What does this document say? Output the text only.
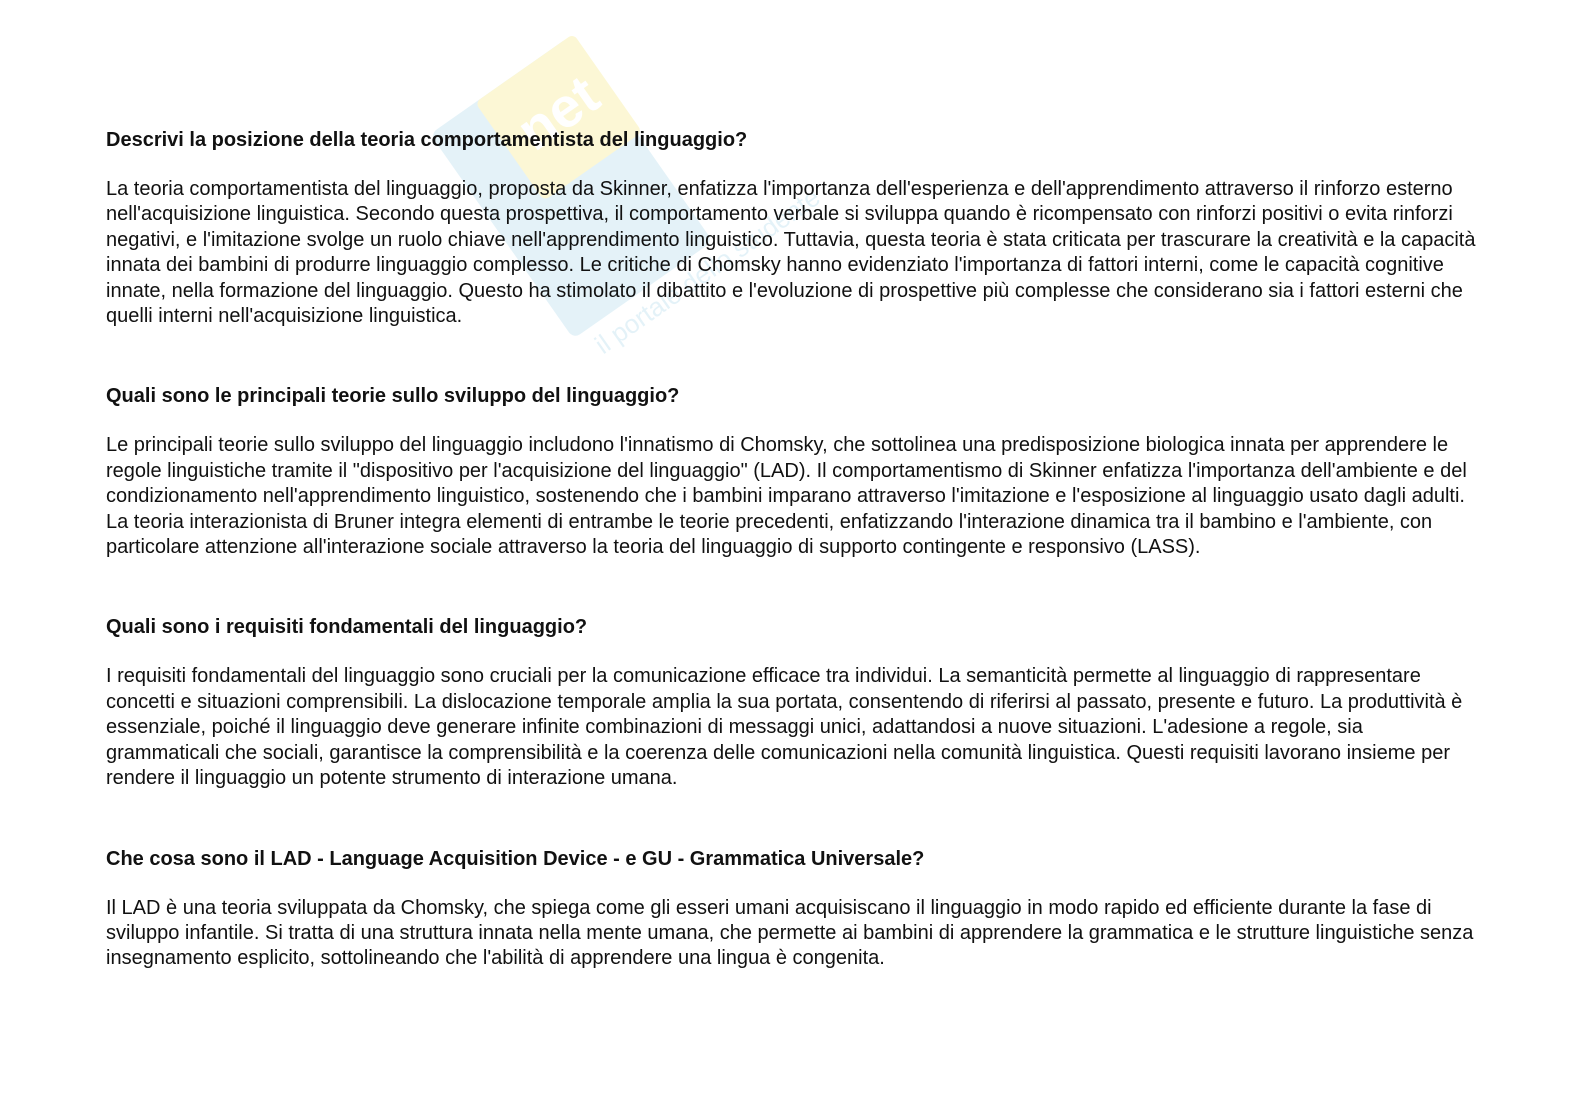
net
il portale dello studente
Descrivi la posizione della teoria comportamentista del linguaggio?

La teoria comportamentista del linguaggio, proposta da Skinner, enfatizza l'importanza dell'esperienza e dell'apprendimento attraverso il rinforzo esterno nell'acquisizione linguistica. Secondo questa prospettiva, il comportamento verbale si sviluppa quando è ricompensato con rinforzi positivi o evita rinforzi negativi, e l'imitazione svolge un ruolo chiave nell'apprendimento linguistico. Tuttavia, questa teoria è stata criticata per trascurare la creatività e la capacità innata dei bambini di produrre linguaggio complesso. Le critiche di Chomsky hanno evidenziato l'importanza di fattori interni, come le capacità cognitive innate, nella formazione del linguaggio. Questo ha stimolato il dibattito e l'evoluzione di prospettive più complesse che considerano sia i fattori esterni che quelli interni nell'acquisizione linguistica.

Quali sono le principali teorie sullo sviluppo del linguaggio?

Le principali teorie sullo sviluppo del linguaggio includono l'innatismo di Chomsky, che sottolinea una predisposizione biologica innata per apprendere le regole linguistiche tramite il "dispositivo per l'acquisizione del linguaggio" (LAD). Il comportamentismo di Skinner enfatizza l'importanza dell'ambiente e del condizionamento nell'apprendimento linguistico, sostenendo che i bambini imparano attraverso l'imitazione e l'esposizione al linguaggio usato dagli adulti. La teoria interazionista di Bruner integra elementi di entrambe le teorie precedenti, enfatizzando l'interazione dinamica tra il bambino e l'ambiente, con particolare attenzione all'interazione sociale attraverso la teoria del linguaggio di supporto contingente e responsivo (LASS).

Quali sono i requisiti fondamentali del linguaggio?

I requisiti fondamentali del linguaggio sono cruciali per la comunicazione efficace tra individui. La semanticità permette al linguaggio di rappresentare concetti e situazioni comprensibili. La dislocazione temporale amplia la sua portata, consentendo di riferirsi al passato, presente e futuro. La produttività è essenziale, poiché il linguaggio deve generare infinite combinazioni di messaggi unici, adattandosi a nuove situazioni. L'adesione a regole, sia grammaticali che sociali, garantisce la comprensibilità e la coerenza delle comunicazioni nella comunità linguistica. Questi requisiti lavorano insieme per rendere il linguaggio un potente strumento di interazione umana.

Che cosa sono il LAD - Language Acquisition Device - e GU - Grammatica Universale?

Il LAD è una teoria sviluppata da Chomsky, che spiega come gli esseri umani acquisiscano il linguaggio in modo rapido ed efficiente durante la fase di sviluppo infantile. Si tratta di una struttura innata nella mente umana, che permette ai bambini di apprendere la grammatica e le strutture linguistiche senza insegnamento esplicito, sottolineando che l'abilità di apprendere una lingua è congenita.
